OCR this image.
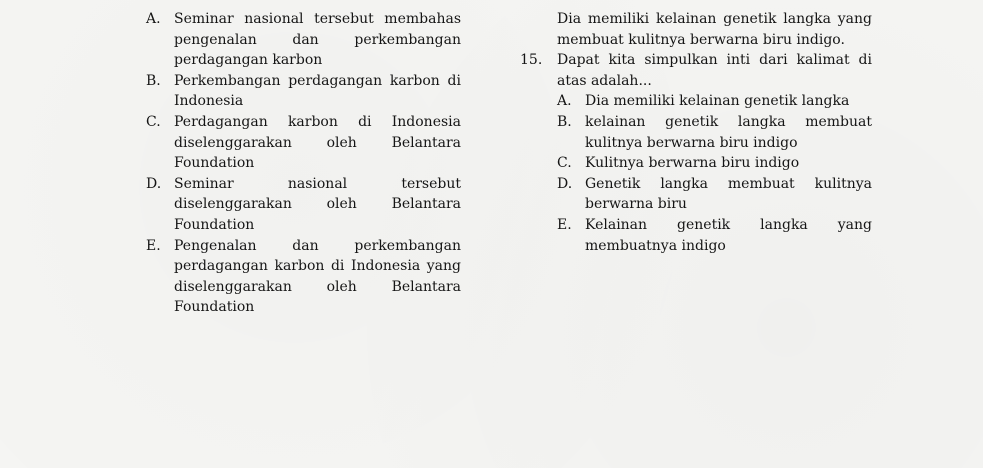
A. Seminar nasional tersebut membahas pengenalan dan perkembangan perdagangan karbon
B. Perkembangan perdagangan karbon di Indonesia
C. Perdagangan karbon di Indonesia diselenggarakan oleh Belantara Foundation
D. Seminar nasional tersebut diselenggarakan oleh Belantara Foundation
E. Pengenalan dan perkembangan perdagangan karbon di Indonesia yang diselenggarakan oleh Belantara Foundation
Dia memiliki kelainan genetik langka yang membuat kulitnya berwarna biru indigo.
15.	Dapat kita simpulkan inti dari kalimat di atas adalah...
A. Dia memiliki kelainan genetik langka
B. kelainan genetik langka membuat kulitnya berwarna biru indigo
C. Kulitnya berwarna biru indigo
D. Genetik langka membuat kulitnya berwarna biru
E. Kelainan genetik langka yang membuatnya indigo
